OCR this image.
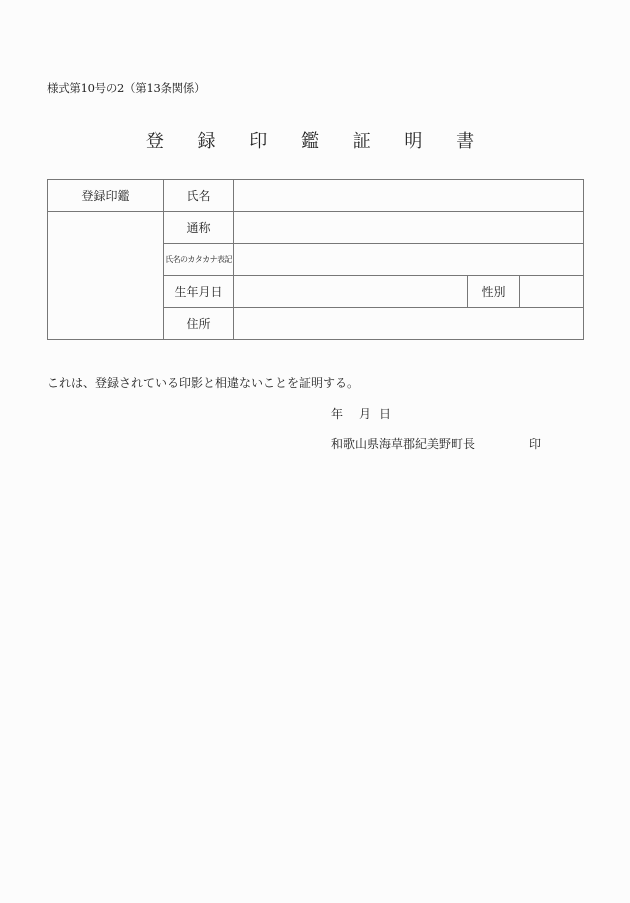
様式第10号の2（第13条関係）
登 録 印 鑑 証 明 書
登録印鑑	氏名			
	通称			
	氏名のカタカナ表記			
	生年月日		性別	
	住所			
これは、登録されている印影と相違ないことを証明する。
年 月 日
和歌山県海草郡紀美野町長	印
